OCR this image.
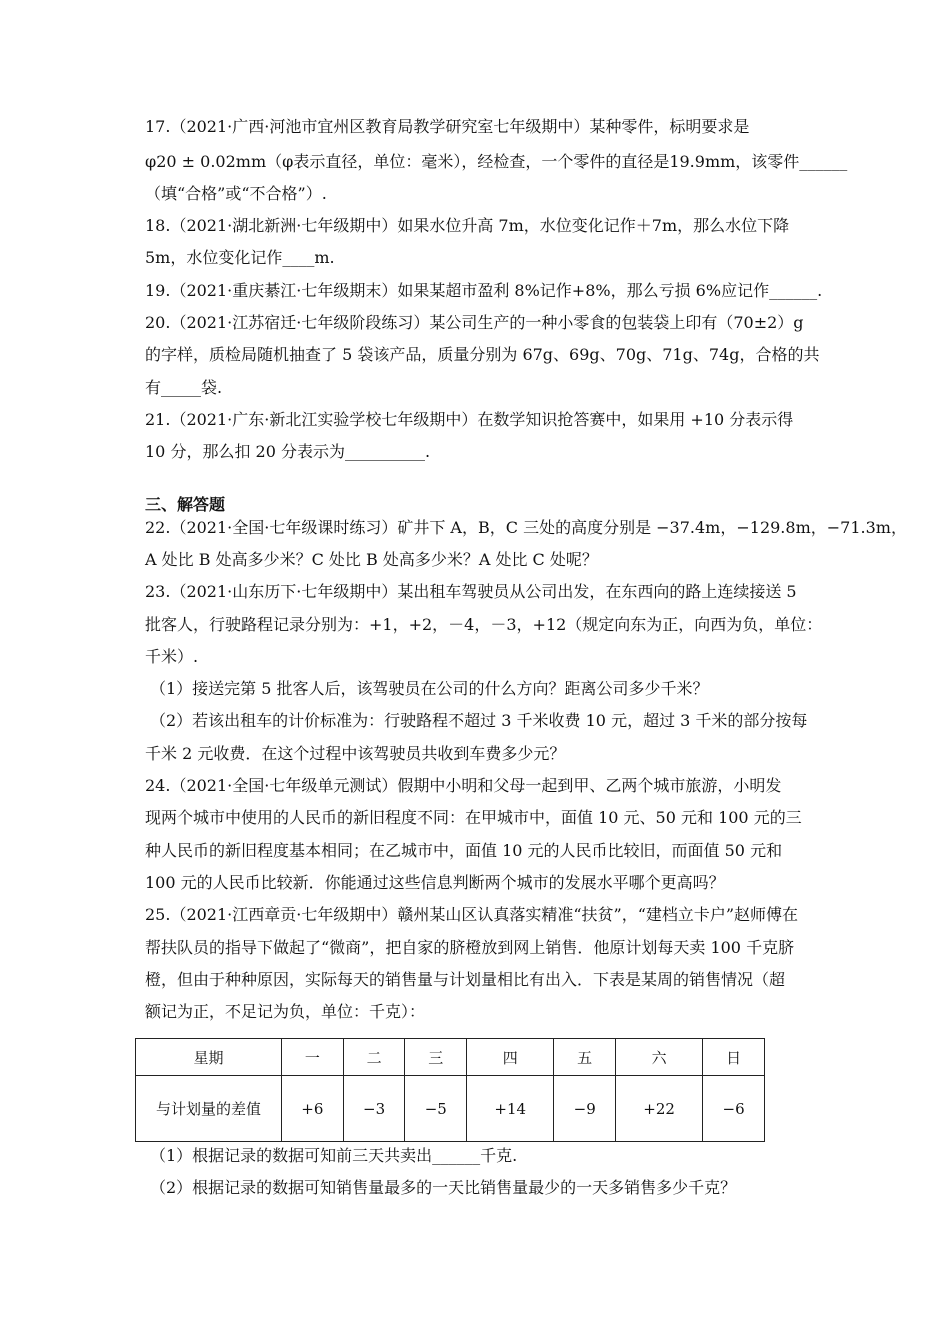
17.（2021·广西·河池市宜州区教育局教学研究室七年级期中）某种零件，标明要求是
φ20 ± 0.02mm（φ表示直径，单位：毫米），经检查，一个零件的直径是19.9mm，该零件______
（填“合格”或“不合格”）.
18.（2021·湖北新洲·七年级期中）如果水位升高 7m，水位变化记作＋7m，那么水位下降
5m，水位变化记作____m.
19.（2021·重庆綦江·七年级期末）如果某超市盈利 8%记作+8%，那么亏损 6%应记作______.
20.（2021·江苏宿迁·七年级阶段练习）某公司生产的一种小零食的包装袋上印有（70±2）g
的字样，质检局随机抽查了 5 袋该产品，质量分别为 67g、69g、70g、71g、74g，合格的共
有_____袋.
21.（2021·广东·新北江实验学校七年级期中）在数学知识抢答赛中，如果用 +10 分表示得
10 分，那么扣 20 分表示为__________.
三、解答题
22.（2021·全国·七年级课时练习）矿井下 A，B，C 三处的高度分别是 −37.4m，−129.8m，−71.3m，
A 处比 B 处高多少米？C 处比 B 处高多少米？A 处比 C 处呢？
23.（2021·山东历下·七年级期中）某出租车驾驶员从公司出发，在东西向的路上连续接送 5
批客人，行驶路程记录分别为：+1，+2，－4，－3，+12（规定向东为正，向西为负，单位：
千米）.
（1）接送完第 5 批客人后，该驾驶员在公司的什么方向？距离公司多少千米？
（2）若该出租车的计价标准为：行驶路程不超过 3 千米收费 10 元，超过 3 千米的部分按每
千米 2 元收费．在这个过程中该驾驶员共收到车费多少元？
24.（2021·全国·七年级单元测试）假期中小明和父母一起到甲、乙两个城市旅游，小明发
现两个城市中使用的人民币的新旧程度不同：在甲城市中，面值 10 元、50 元和 100 元的三
种人民币的新旧程度基本相同；在乙城市中，面值 10 元的人民币比较旧，而面值 50 元和
100 元的人民币比较新．你能通过这些信息判断两个城市的发展水平哪个更高吗？
25.（2021·江西章贡·七年级期中）赣州某山区认真落实精准“扶贫”，“建档立卡户”赵师傅在
帮扶队员的指导下做起了“微商”，把自家的脐橙放到网上销售．他原计划每天卖 100 千克脐
橙，但由于种种原因，实际每天的销售量与计划量相比有出入．下表是某周的销售情况（超
额记为正，不足记为负，单位：千克）：
星期	一	二	三	四	五	六	日
与计划量的差值	+6	−3	−5	+14	−9	+22	−6
（1）根据记录的数据可知前三天共卖出______千克.
（2）根据记录的数据可知销售量最多的一天比销售量最少的一天多销售多少千克？
